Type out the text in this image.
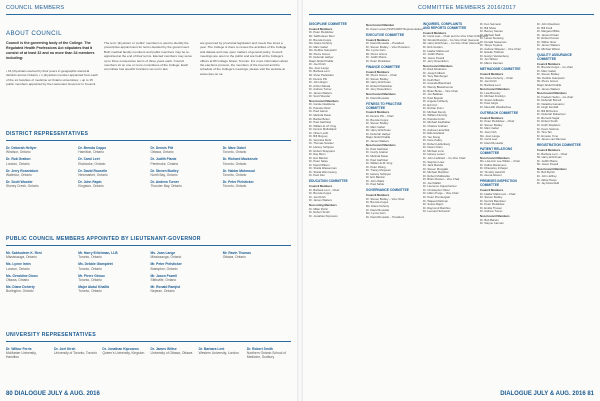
COUNCIL MEMBERS
ABOUT COUNCIL
Council is the governing body of the College. The Regulated Health Professions Act stipulates that it consist of at least 32 and no more than 34 members including:
• 16 physicians elected by their peers in geographic electoral districts across Ontario; • 1 physician member appointed from each of the six faculties of medicine at Ontario universities; • up to 15 public members appointed by the Lieutenant Governor in Council.
The term 'physician' or 'public' members is used to identify the prescriptive appointment for terms decided by the government. Both medical faculty members and public members may be re-appointed at the end of their terms. Elected members may serve up to three consecutive terms of three years each. Council members sit on one or more committees of the College. Each committee has specific functions set out in law.
are governed by provincial legislation and meets five times a year. The College is there to review the activities of the College and debate and vote upon matters of general policy. Council meetings are open to the public and are held at the College's offices at 80 College Street, Toronto. For more information about the elections process, the members of the Council and the schedule of the College's meetings, please visit the website at www.cpso.on.ca.
DISTRICT REPRESENTATIVES
Dr. Deborah Hellyer
Windsor, Ontario
Dr. Brenda Copps
Hamilton, Ontario
Dr. Dennis Pitt
Ottawa, Ontario
Dr. Marc Gabel
Toronto, Ontario
Dr. Rob Gratton
London, Ontario
Dr. Carol Leet
Etobicoke, Ontario
Dr. Judith Plante
Pembroke, Ontario
Dr. Richard Mackenzie
Toronto, Ontario
Dr. Jerry Rosenblum
Waterloo, Ontario
Dr. David Rouselle
Newmarket, Ontario
Dr. Steven Bodley
North Bay, Ontario
Dr. Haidar Mahmoud
Toronto, Ontario
Dr. Scott Wooder
Stoney Creek, Ontario
Dr. John Rapin
Kingston, Ontario
Dr. Andrew Turner
Thunder Bay, Ontario
Dr. Peter Pielsticker
Toronto, Ontario
PUBLIC COUNCIL MEMBERS APPOINTED BY LIEUTENANT-GOVERNOR
Mr. Sabhudeen K. Reni
Mississauga, Ontario
Mr. Harry Erlichman, LLB
Toronto, Ontario
Ms. Joan Lange
Mississauga, Ontario
Mr. Ravin Thomas
Ottawa, Ontario
Ms. Lynne Irwin
London, Ontario
Ms. Debbie Giampietri
Toronto, Ontario
Mr. Peter Pielsticker
Brampton, Ontario
Ms. Geraldine Dixon
Ottawa, Ontario
Mr. Pierre Giroux
Toronto, Ontario
Mr. Jason Powell
Stittsville, Ontario
Ms. Diane Doherty
Burlington, Ontario
Major Abdul Khalifa
Toronto, Ontario
Mr. Ronald Ramjist
Nepean, Ontario
UNIVERSITY REPRESENTATIVES
Dr. Wilbur Ferris
McMaster University, Hamilton
Dr. Joel Kirsh
University of Toronto, Toronto
Dr. Jonathan Kiproaros
Queen's University, Kingston
Dr. James Wiltse
University of Ottawa, Ottawa
Dr. Barbara Lent
Western University, London
Dr. Robert Smith
Northern Ontario School of Medicine, Sudbury
80 DIALOGUE JULY & AUG. 2016
COMMITTEE MEMBERS 2016/2017
DISCIPLINE COMMITTEE
Council Members
Dr. Peter Pielsticker
Mr. Sabhudeen Reni
Dr. Brenda Copps
Ms. Diane Doherty
Dr. Marc Gabel
Ms. Debbie Giampietri
Mr. Pierre Giroux
Dr. Deborah Hellyer
Major Abdul Khalifa
Dr. Joel Kirsh
Ms. Joan Lange
Dr. Barbara Lent
Mr. Peter Pielsticker
Dr. Dennis Pitt
Dr. John Rapin
Dr. Arthur Rassal
Dr. Andrew Turner
Dr. James Watters
Dr. Scott Wooder
Non-Council Members
Dr. Carole Gladstone
Dr. Pamela Chart
Dr. Paul Garvin
Dr. Melinda Davie
Dr. Barbar Bokor
Dr. Paul Garfinkel
Dr. William E. M. King
Dr. Dennis Mulholland
Dr. Oliver Levitt
Dr. Bill Mcgoey
Dr. Veronica Mohr
Dr. Thomas Stocker
Dr. Harvey Schipper
Dr. Robert Sheppard
Dr. Ray Biron
Dr. Eric Bardon
Dr. Peter Sales
Dr. David Wilson
Dr. Sheila Wasserman
Dr. Sheila Wan Hoeng
Dr. Paul Jiler
EDUCATION COMMITTEE
Council Members
Dr. Barbara Lent – Chair
Dr. Brenda Copps
Dr. Joel Kirsh
Dr. James Watters
Non-voting Members
Dr. Milan Petric
Dr. Robert Smith
Dr. Jonathan Kiproaros
Non-Council Member
Dr. Karen Lewis (ISSPC/MFP Representative)
EXECUTIVE COMMITTEE
Council Members
Dr. David Rouselle – President
Dr. Steven Bodley – Vice President
Ms. Lynne Irwin
Mr. Pierre Giroux
Dr. Judith Plante
Dr. Peter Pielsticker
FINANCE COMMITTEE
Council Members
Mr. Pierre Giroux – Chair
Dr. Steven Bodley
Mr. Harry Erlichman
Dr. Robert Pielsticker
Dr. Jerry Rosenblum
Non-Council Members
Dr. David Rouselle
FITNESS TO PRACTISE COMMITTEE
Council Members
Dr. Dennis Pitt – Chair
Dr. Brenda Copps
Dr. Steven Bodley
Dr. Marc Gabel
Mr. Harry Erlichman
Dr. Deborah Hellyer
Major Abdul Khalifa
Dr. James Watters
Non-Council Members
Dr. Paul Garfinkel
Dr. Cecily Gratton
Dr. Melinda Davie
Dr. Paul Garfinkel
Dr. William E.M. King
Dr. Peter Rising
Dr. Tracey Mcqueen
Dr. Harvey Schipper
Dr. Eric Bardon
Dr. John Watts
Dr. Paul Saftar
GOVERNANCE COMMITTEE
Council Members
Dr. Steven Bodley – Vice Chair
Dr. Brenda Copps
Ms. Diane Doherty
Dr. David Rouselle
Ms. Lynne Irwin
Dr. David Rouselle – President
INQUIRIES, COMPLAINTS AND REPORTS COMMITTEE
Council Members
Dr. Carol Leet – Chair and Co-Vice Chair (Inflament)
Mr. Ronald Ramjist – Co-Vice Chair (Genera)
Mr. Harry Erlichman – Co-Vice Chair (Genera)
Dr. Rob Gratton
Dr. Haidar Mahmoud
Dr. Judith Plante
Mr. Jason Powell
Dr. Jerry Rosenblum
Non-Council Members
Dr. Raul Abrahams
Dr. Joseph Alberti
Dr. Tony Barnberger
Dr. Keith Barr
Dr. Amanda Blanchard
Dr. Wendy Blassbrenner
Dr. Brian Burke – Vice Chair
Dr. Jon Balaban
Dr. Paul Bojeski
Dr. Angela Cubberly
Dr. Ed Cruz
Dr. Rozlan Dunn
Dr. Michael Dendy
Dr. William Fleming
Dr. Pamela Fortin
Dr. Michael Faulhaber
Dr. Charles Graham
Dr. Andrew Herschtal
Dr. Ellis Haviland
Dr. Yen Kiang
Dr. Irene Kelley
Dr. Robert Hollenberg
Dr. Naomi Klein
Dr. Michael Lunn
Dr. Harvey Lester
Dr. John Liebhard – Co-Vice Chair
Dr. Stephen Liew
Dr. Jack Mandel
Dr. Steven Mungallo
Dr. Michael Munkhar
Dr. Robert Mollisiarka
Dr. Brian Mossel – Vice Chair
Dr. Joel Malfer
Dr. Laurence Oppenheimer
Dr. Christopher Oliver
Dr. Hilton Purge – Vice Chair
Dr. Peter Prendergast
Dr. Wajeed Rahman
Dr. Susan Rapin
Dr. Raymond Ranthus
Dr. Leonard Schwartz
Dr. Ken Seimann
Dr. Bill Shaw
Dr. Barney Savran
Dr. Michael Stall
Dr. Lionel Stooking
Dr. Donald Sweaman
Dr. Tanya Toyama
Dr. Andrew Wheeler – Vice Chair
Dr. Estelle Tinkham
Dr. Evelyn Vandenberg
Dr. Jim Wilson
Dr. Marco Zaccaro
METHADONE COMMITTEE
Council Members
Ms. Diane Doherty – Chair
Dr. Joel Kirsh
Dr. Barbara Lent
Non-Council Members
Dr. Lisa Bromley
Dr. Michael Franklyn
Dr. Susan Gillespie
Dr. Paul Girgis
Dr. Meredith Weatherbee
OUTREACH COMMITTEE
Council Members
Dr. Peter Pielsticker – Chair
Dr. Steven Bodley
Dr. Marc Gabel
Dr. Joan Irish
Ms. Joan Lange
Dr. Carol Leet
Dr. David Rouselle
PATIENT RELATIONS COMMITTEE
Non-Council Members
Ms. Lisa Ann Lee Wilder – Chair
Dr. Kathie Martenson
Dr. Dhavorley Inthapur
Dr. Timothy Heinrich
Dr. Asena Abanor
PREMISES INSPECTION COMMITTEE
Council Members
Dr. Haidar Mahmoud – Chair
Dr. Steven Bodley
Dr. Derrick Bannister
Dr. Peter Pielsticker
Dr. Emilia Thoven
Dr. Andrew Turner
Non-Council Members
Dr. Bob Barwin
Dr. Wayne Carman
Dr. John Davidson
Dr. Bill Knoll
Dr. Margaret Bible
Dr. James Kirwan
Dr. Robert Kamal
Dr. Wilbur Ikner
Dr. James Watters
Dr. Michael Wilson
QUALITY ASSURANCE COMMITTEE
Council Members
Dr. Brenda Copps – Co-chair
Dr. Marc Gabel
Dr. Steven Bodley
Ms. Debbie Giampietri
Mr. Pierre Giroux
Major Abdul Khalifa
Dr. James Watters
Non-Council Members
Dr. Frederic Sebin – Co-chair
Dr. Deborah Burrell
Dr. Natasha Gamazov
Dr. Hugh Kendall
Dr. Bill McKenna
Dr. Deborah Robertson
Dr. Bernard Segal
Dr. Robert Smith
Dr. Keith Stapleton
Dr. Kevin Swinton
Dr. Tina Tan
Dr. Ernesto Yune
Dr. James van Ramsen
REGISTRATION COMMITTEE
Council Members
Dr. Barbara Lent – Chair
Mr. Harry Erlichman
Dr. Judith Plante
Mr. Jason Powell
Non-Council Members
Dr. Bob Byrick
Dr. John Jeffrey
Dr. Akbar Panju
Dr. Jay Rosenfeld
DIALOGUE JULY & AUG. 2016 81
